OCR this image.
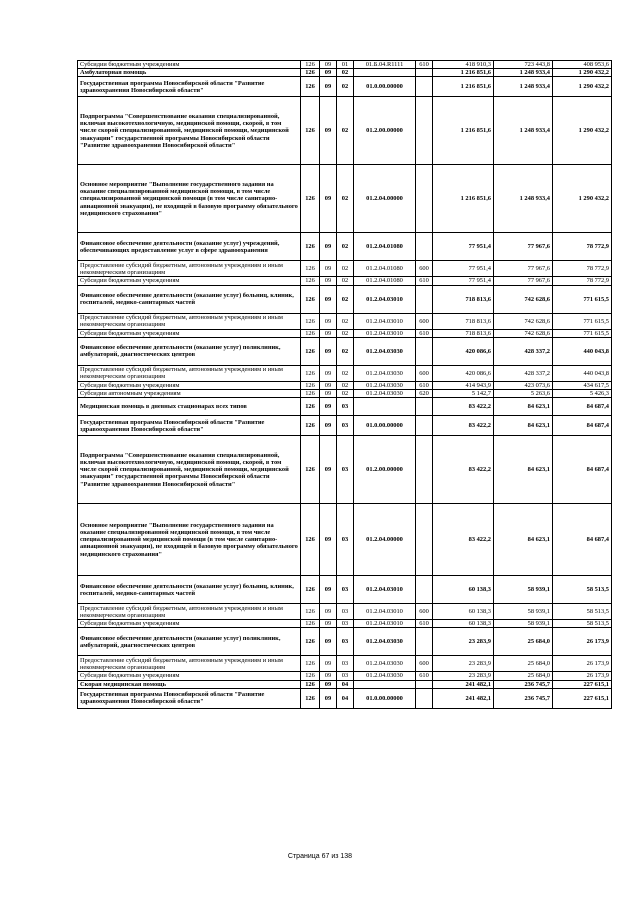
Субсидии бюджетным учреждениям	126	09	01	01.Б.04.R1111	610	418 910,3	723 443,8	408 953,6
Амбулаторная помощь	126	09	02			1 216 851,6	1 248 933,4	1 290 432,2
Государственная программа Новосибирской области "Развитие здравоохранения Новосибирской области"	126	09	02	01.0.00.00000		1 216 851,6	1 248 933,4	1 290 432,2
Подпрограмма "Совершенствование оказания специализированной, включая высокотехнологичную, медицинской помощи, скорой, в том числе скорой специализированной, медицинской помощи, медицинской эвакуации" государственной программы Новосибирской области "Развитие здравоохранения Новосибирской области"	126	09	02	01.2.00.00000		1 216 851,6	1 248 933,4	1 290 432,2
Основное мероприятие "Выполнение государственного задания на оказание специализированной медицинской помощи, в том числе специализированной медицинской помощи (в том числе санитарно-авиационной эвакуации), не входящей в базовую программу обязательного медицинского страхования"	126	09	02	01.2.04.00000		1 216 851,6	1 248 933,4	1 290 432,2
Финансовое обеспечение деятельности (оказание услуг) учреждений, обеспечивающих предоставление услуг в сфере здравоохранения	126	09	02	01.2.04.01080		77 951,4	77 967,6	78 772,9
Предоставление субсидий бюджетным, автономным учреждениям и иным некоммерческим организациям	126	09	02	01.2.04.01080	600	77 951,4	77 967,6	78 772,9
Субсидии бюджетным учреждениям	126	09	02	01.2.04.01080	610	77 951,4	77 967,6	78 772,9
Финансовое обеспечение деятельности (оказание услуг) больниц, клиник, госпиталей, медико-санитарных частей	126	09	02	01.2.04.03010		718 813,6	742 628,6	771 615,5
Предоставление субсидий бюджетным, автономным учреждениям и иным некоммерческим организациям	126	09	02	01.2.04.03010	600	718 813,6	742 628,6	771 615,5
Субсидии бюджетным учреждениям	126	09	02	01.2.04.03010	610	718 813,6	742 628,6	771 615,5
Финансовое обеспечение деятельности (оказание услуг) поликлиник, амбулаторий, диагностических центров	126	09	02	01.2.04.03030		420 086,6	428 337,2	440 043,8
Предоставление субсидий бюджетным, автономным учреждениям и иным некоммерческим организациям	126	09	02	01.2.04.03030	600	420 086,6	428 337,2	440 043,8
Субсидии бюджетным учреждениям	126	09	02	01.2.04.03030	610	414 943,9	423 073,6	434 617,5
Субсидии автономным учреждениям	126	09	02	01.2.04.03030	620	5 142,7	5 263,6	5 426,3
Медицинская помощь в дневных стационарах всех типов	126	09	03			83 422,2	84 623,1	84 687,4
Государственная программа Новосибирской области "Развитие здравоохранения Новосибирской области"	126	09	03	01.0.00.00000		83 422,2	84 623,1	84 687,4
Подпрограмма "Совершенствование оказания специализированной, включая высокотехнологичную, медицинской помощи, скорой, в том числе скорой специализированной, медицинской помощи, медицинской эвакуации" государственной программы Новосибирской области "Развитие здравоохранения Новосибирской области"	126	09	03	01.2.00.00000		83 422,2	84 623,1	84 687,4
Основное мероприятие "Выполнение государственного задания на оказание специализированной медицинской помощи, в том числе специализированной медицинской помощи (в том числе санитарно-авиационной эвакуации), не входящей в базовую программу обязательного медицинского страхования"	126	09	03	01.2.04.00000		83 422,2	84 623,1	84 687,4
Финансовое обеспечение деятельности (оказание услуг) больниц, клиник, госпиталей, медико-санитарных частей	126	09	03	01.2.04.03010		60 138,3	58 939,1	58 513,5
Предоставление субсидий бюджетным, автономным учреждениям и иным некоммерческим организациям	126	09	03	01.2.04.03010	600	60 138,3	58 939,1	58 513,5
Субсидии бюджетным учреждениям	126	09	03	01.2.04.03010	610	60 138,3	58 939,1	58 513,5
Финансовое обеспечение деятельности (оказание услуг) поликлиник, амбулаторий, диагностических центров	126	09	03	01.2.04.03030		23 283,9	25 684,0	26 173,9
Предоставление субсидий бюджетным, автономным учреждениям и иным некоммерческим организациям	126	09	03	01.2.04.03030	600	23 283,9	25 684,0	26 173,9
Субсидии бюджетным учреждениям	126	09	03	01.2.04.03030	610	23 283,9	25 684,0	26 173,9
Скорая медицинская помощь	126	09	04			241 482,1	236 745,7	227 615,1
Государственная программа Новосибирской области "Развитие здравоохранения Новосибирской области"	126	09	04	01.0.00.00000		241 482,1	236 745,7	227 615,1
Страница 67 из 138
